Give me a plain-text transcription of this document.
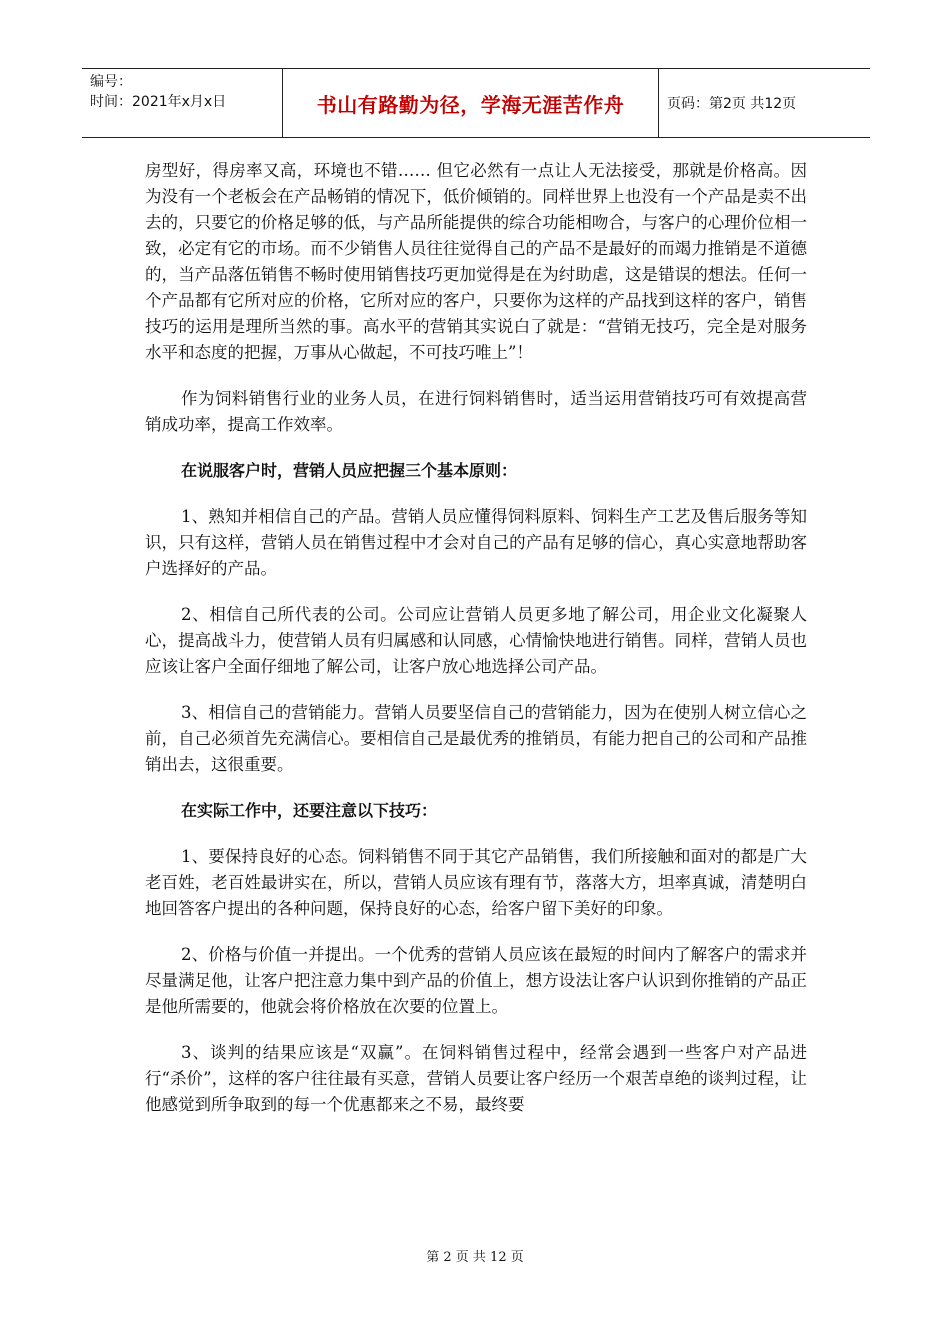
编号：
时间：2021年x月x日	书山有路勤为径，学海无涯苦作舟	页码：第2页 共12页

房型好，得房率又高，环境也不错…… 但它必然有一点让人无法接受，那就是价格高。因为没有一个老板会在产品畅销的情况下，低价倾销的。同样世界上也没有一个产品是卖不出去的，只要它的价格足够的低，与产品所能提供的综合功能相吻合，与客户的心理价位相一致，必定有它的市场。而不少销售人员往往觉得自己的产品不是最好的而竭力推销是不道德的，当产品落伍销售不畅时使用销售技巧更加觉得是在为纣助虐，这是错误的想法。任何一个产品都有它所对应的价格，它所对应的客户，只要你为这样的产品找到这样的客户，销售技巧的运用是理所当然的事。高水平的营销其实说白了就是：“营销无技巧，完全是对服务水平和态度的把握，万事从心做起，不可技巧唯上”！

作为饲料销售行业的业务人员，在进行饲料销售时，适当运用营销技巧可有效提高营销成功率，提高工作效率。

在说服客户时，营销人员应把握三个基本原则：

1、熟知并相信自己的产品。营销人员应懂得饲料原料、饲料生产工艺及售后服务等知识，只有这样，营销人员在销售过程中才会对自己的产品有足够的信心，真心实意地帮助客户选择好的产品。

2、相信自己所代表的公司。公司应让营销人员更多地了解公司，用企业文化凝聚人心，提高战斗力，使营销人员有归属感和认同感，心情愉快地进行销售。同样，营销人员也应该让客户全面仔细地了解公司，让客户放心地选择公司产品。

3、相信自己的营销能力。营销人员要坚信自己的营销能力，因为在使别人树立信心之前，自己必须首先充满信心。要相信自己是最优秀的推销员，有能力把自己的公司和产品推销出去，这很重要。

在实际工作中，还要注意以下技巧：

1、要保持良好的心态。饲料销售不同于其它产品销售，我们所接触和面对的都是广大老百姓，老百姓最讲实在，所以，营销人员应该有理有节，落落大方，坦率真诚，清楚明白地回答客户提出的各种问题，保持良好的心态，给客户留下美好的印象。

2、价格与价值一并提出。一个优秀的营销人员应该在最短的时间内了解客户的需求并尽量满足他，让客户把注意力集中到产品的价值上，想方设法让客户认识到你推销的产品正是他所需要的，他就会将价格放在次要的位置上。

3、谈判的结果应该是“双赢”。在饲料销售过程中，经常会遇到一些客户对产品进行“杀价”，这样的客户往往最有买意，营销人员要让客户经历一个艰苦卓绝的谈判过程，让他感觉到所争取到的每一个优惠都来之不易，最终要

第 2 页 共 12 页
